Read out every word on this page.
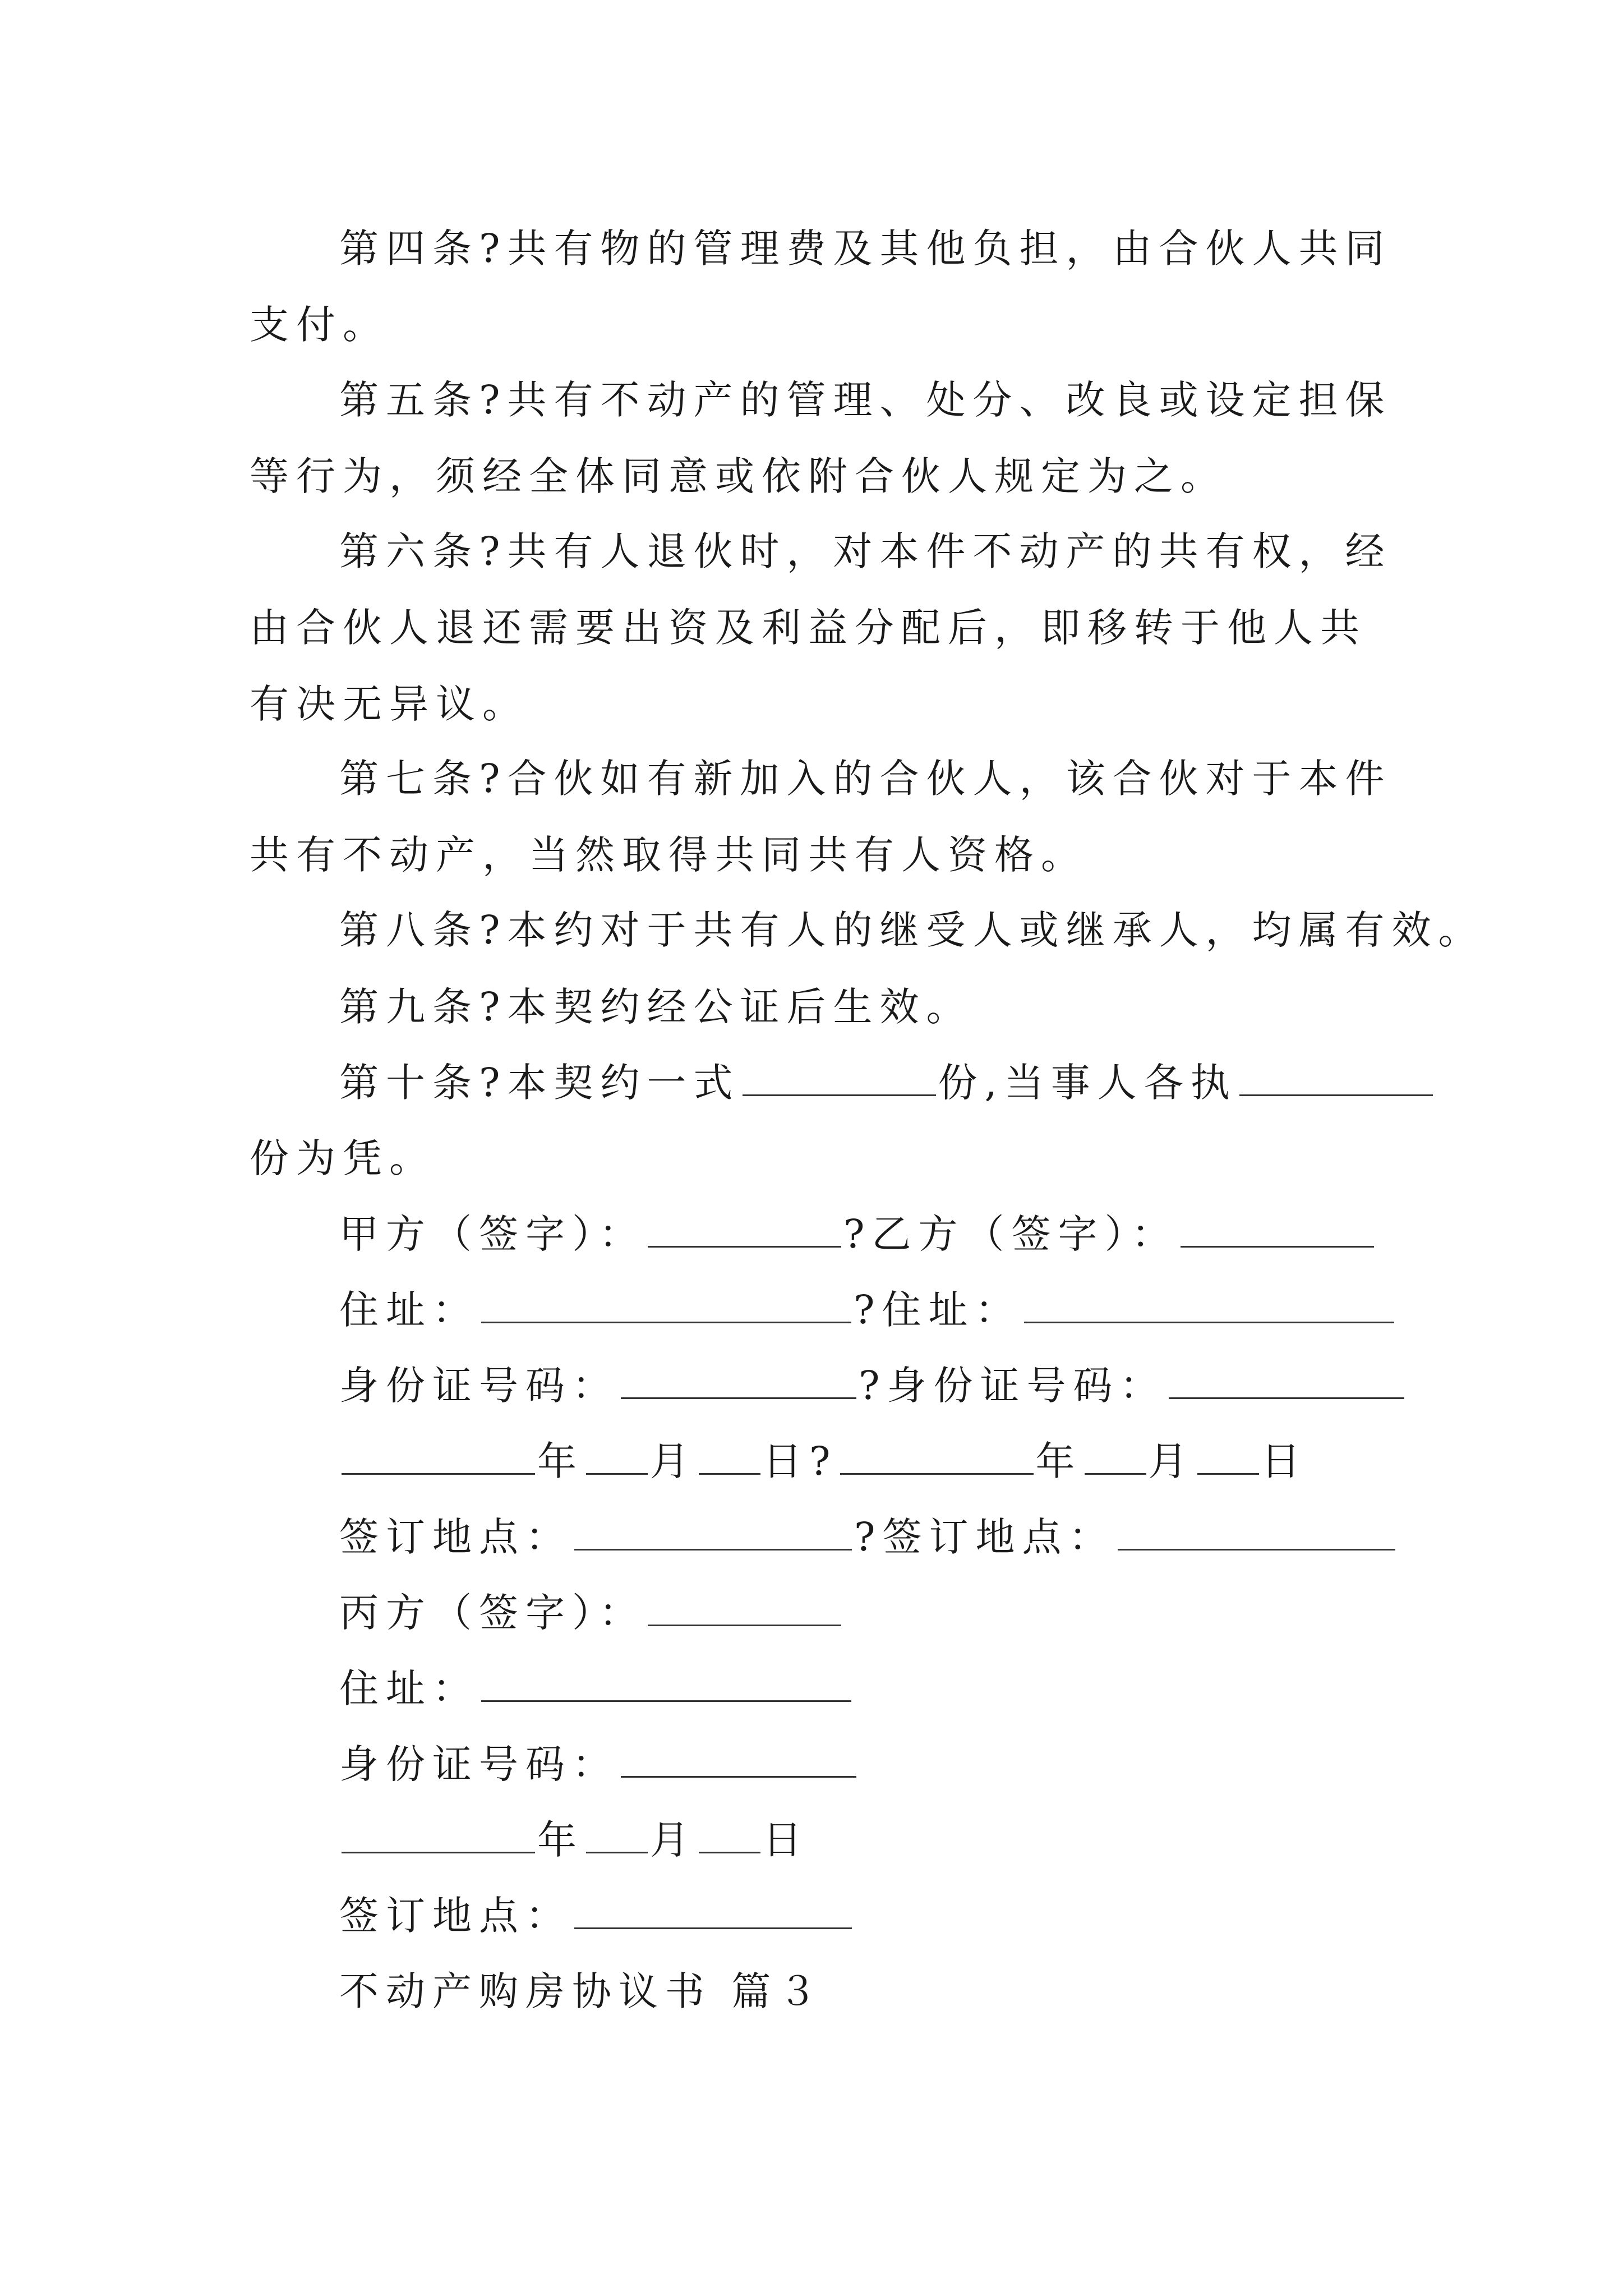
第四条?共有物的管理费及其他负担，由合伙人共同支付。

第五条?共有不动产的管理、处分、改良或设定担保等行为，须经全体同意或依附合伙人规定为之。

第六条?共有人退伙时，对本件不动产的共有权，经由合伙人退还需要出资及利益分配后，即移转于他人共有决无异议。

第七条?合伙如有新加入的合伙人，该合伙对于本件共有不动产，当然取得共同共有人资格。

第八条?本约对于共有人的继受人或继承人，均属有效。
第九条?本契约经公证后生效。
第十条?本契约一式	份,当事人各执
份为凭。
甲方（签字）：	?乙方（签字）：
住址：	?住址：
身份证号码：	?身份证号码：
年 月 日?	年 月 日
签订地点：	?签订地点：
丙方（签字）：
住址：
身份证号码：
年 月 日
签订地点：
不动产购房协议书 篇３
